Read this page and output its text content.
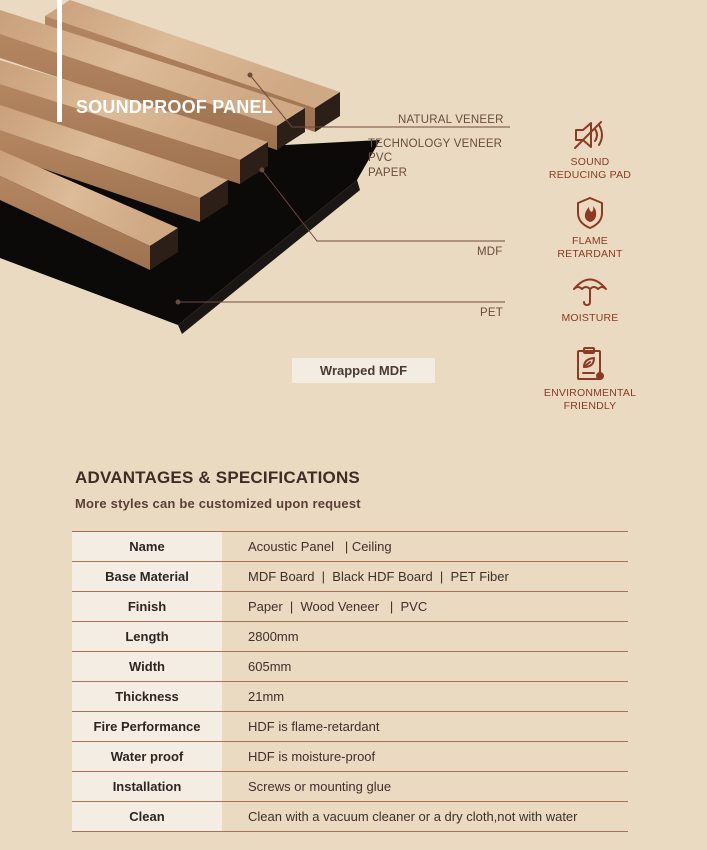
SOUNDPROOF PANEL
NATURAL VENEER
TECHNOLOGY VENEER
PVC
PAPER
MDF
PET
Wrapped MDF
SOUND
REDUCING PAD
FLAME
RETARDANT
MOISTURE
ENVIRONMENTAL
FRIENDLY
ADVANTAGES & SPECIFICATIONS

More styles can be customized upon request

Name	Acoustic Panel   | Ceiling
Base Material	MDF Board  |  Black HDF Board  |  PET Fiber
Finish	Paper  |  Wood Veneer   |  PVC
Length	2800mm
Width	605mm
Thickness	21mm
Fire Performance	HDF is flame-retardant
Water proof	HDF is moisture-proof
Installation	Screws or mounting glue
Clean	Clean with a vacuum cleaner or a dry cloth,not with water
